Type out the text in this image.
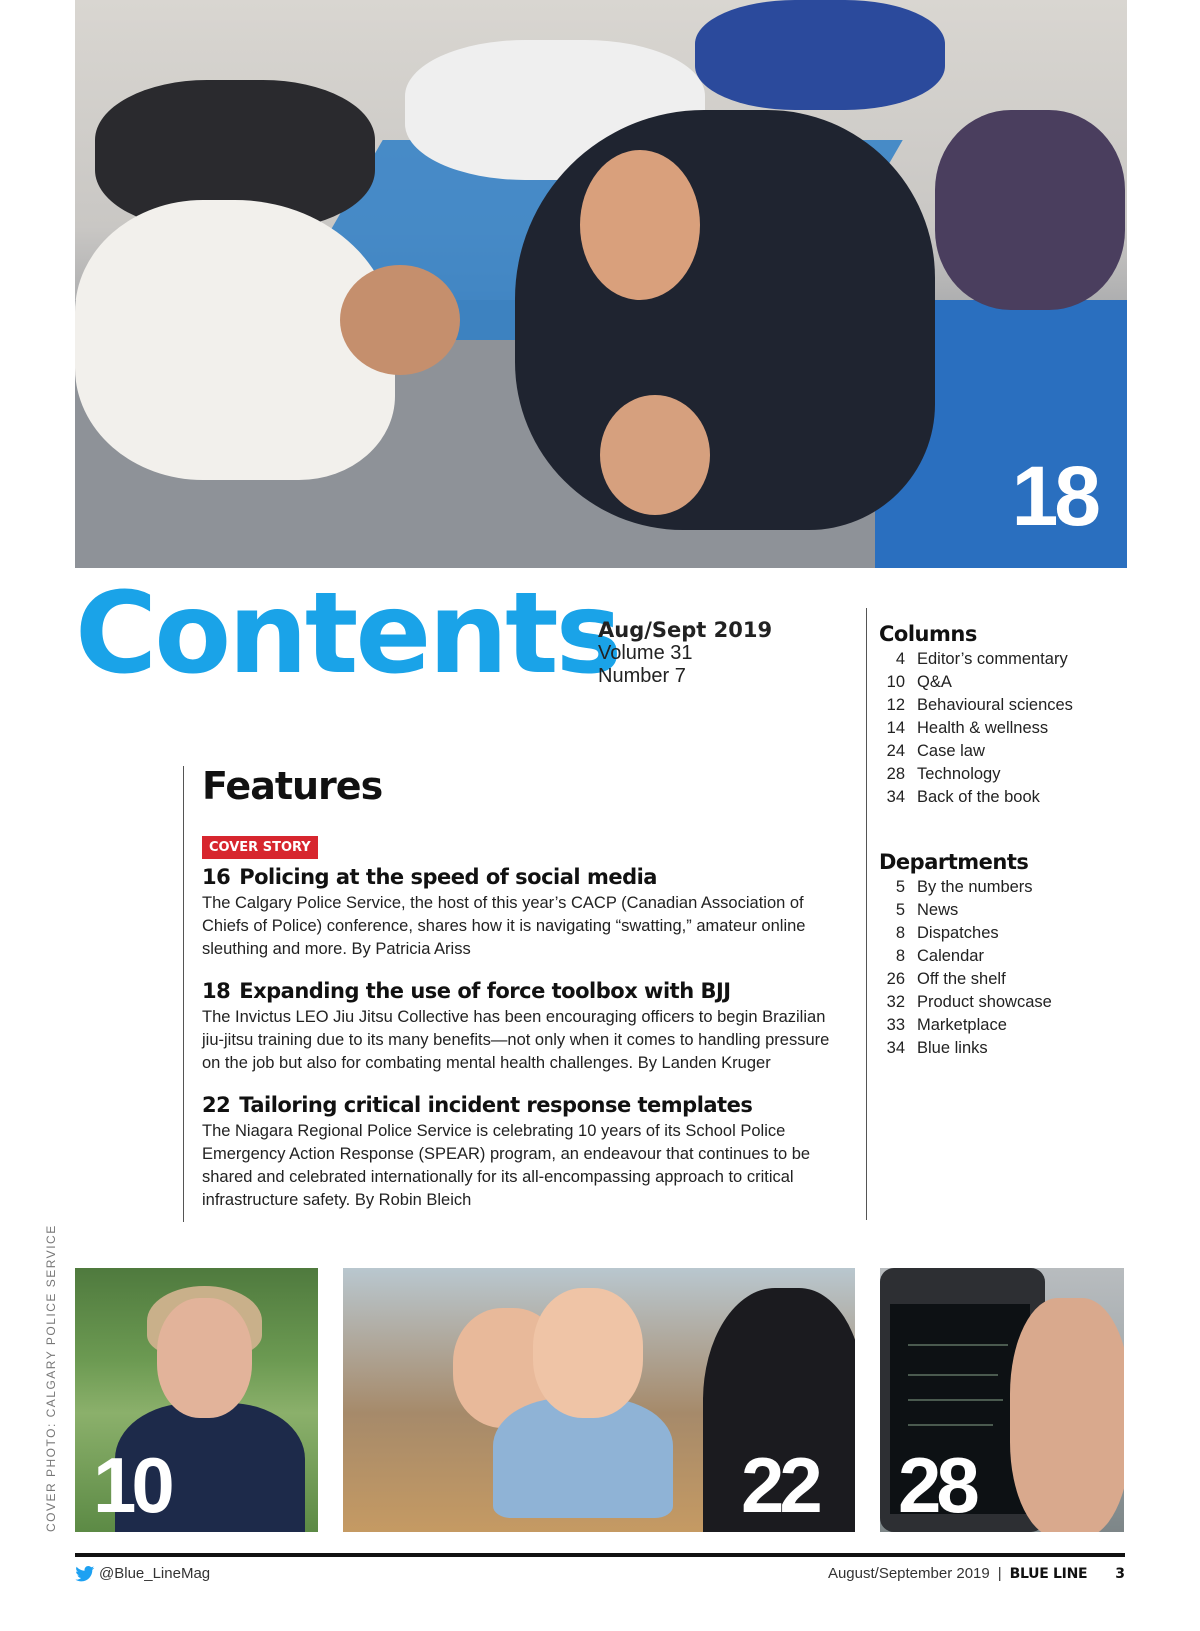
18
Contents
Aug/Sept 2019
Volume 31
Number 7
Features
COVER STORY
16 Policing at the speed of social media
The Calgary Police Service, the host of this year’s CACP (Canadian Association of Chiefs of Police) conference, shares how it is navigating “swatting,” amateur online sleuthing and more. By Patricia Ariss
18 Expanding the use of force toolbox with BJJ
The Invictus LEO Jiu Jitsu Collective has been encouraging officers to begin Brazilian jiu-jitsu training due to its many benefits—not only when it comes to handling pressure on the job but also for combating mental health challenges. By Landen Kruger
22 Tailoring critical incident response templates
The Niagara Regional Police Service is celebrating 10 years of its School Police Emergency Action Response (SPEAR) program, an endeavour that continues to be shared and celebrated internationally for its all-encompassing approach to critical infrastructure safety. By Robin Bleich
Columns
4 Editor’s commentary
10 Q&A
12 Behavioural sciences
14 Health & wellness
24 Case law
28 Technology
34 Back of the book
Departments
5 By the numbers
5 News
8 Dispatches
8 Calendar
26 Off the shelf
32 Product showcase
33 Marketplace
34 Blue links
COVER PHOTO: CALGARY POLICE SERVICE 10	22 28
@Blue_LineMag	August/September 2019 | BLUE LINE 3
